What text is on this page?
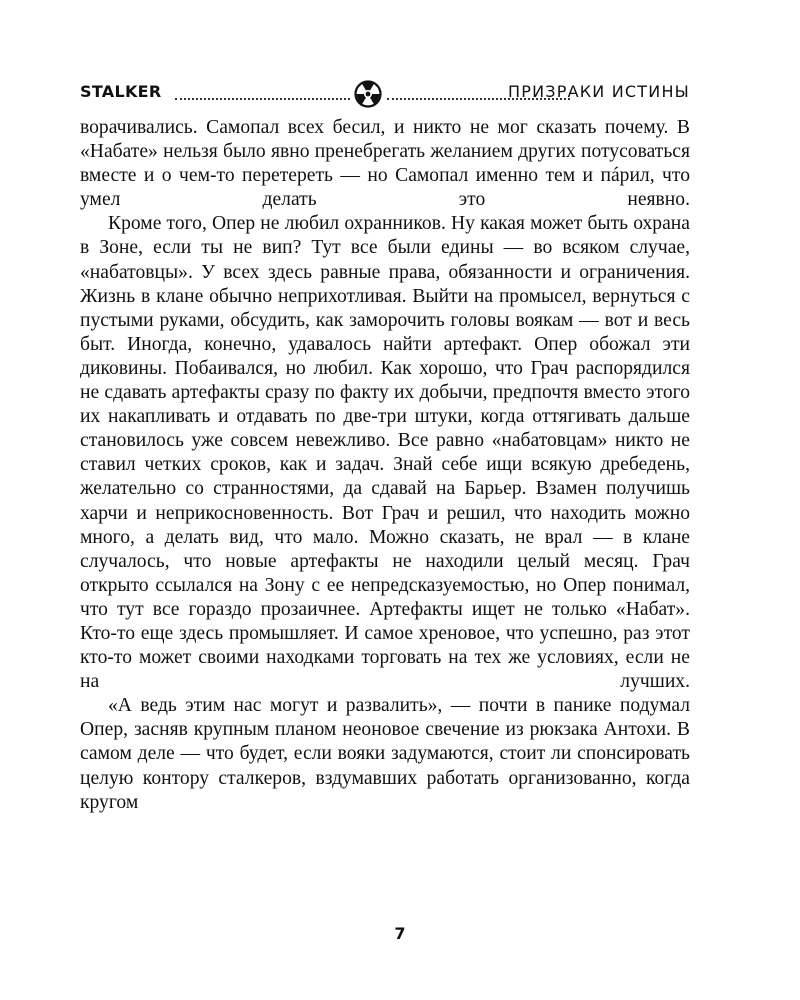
STALKER	ПРИЗРАКИ ИСТИНЫ

ворачивались. Самопал всех бесил, и никто не мог сказать почему. В «Набате» нельзя было явно пренебрегать желанием других потусоваться вместе и о чем-то перетереть — но Самопал именно тем и пáрил, что умел делать это неявно.

Кроме того, Опер не любил охранников. Ну какая может быть охрана в Зоне, если ты не вип? Тут все были едины — во всяком случае, «набатовцы». У всех здесь равные права, обязанности и ограничения. Жизнь в клане обычно неприхотливая. Выйти на промысел, вернуться с пустыми руками, обсудить, как заморочить головы воякам — вот и весь быт. Иногда, конечно, удавалось найти артефакт. Опер обожал эти диковины. Побаивался, но любил. Как хорошо, что Грач распорядился не сдавать артефакты сразу по факту их добычи, предпочтя вместо этого их накапливать и отдавать по две-три штуки, когда оттягивать дальше становилось уже совсем невежливо. Все равно «набатовцам» никто не ставил четких сроков, как и задач. Знай себе ищи всякую дребедень, желательно со странностями, да сдавай на Барьер. Взамен получишь харчи и неприкосновенность. Вот Грач и решил, что находить можно много, а делать вид, что мало. Можно сказать, не врал — в клане случалось, что новые артефакты не находили целый месяц. Грач открыто ссылался на Зону с ее непредсказуемостью, но Опер понимал, что тут все гораздо прозаичнее. Артефакты ищет не только «Набат». Кто-то еще здесь промышляет. И самое хреновое, что успешно, раз этот кто-то может своими находками торговать на тех же условиях, если не на лучших.

«А ведь этим нас могут и развалить», — почти в панике подумал Опер, засняв крупным планом неоновое свечение из рюкзака Антохи. В самом деле — что будет, если вояки задумаются, стоит ли спонсировать целую контору сталкеров, вздумавших работать организованно, когда кругом

7
